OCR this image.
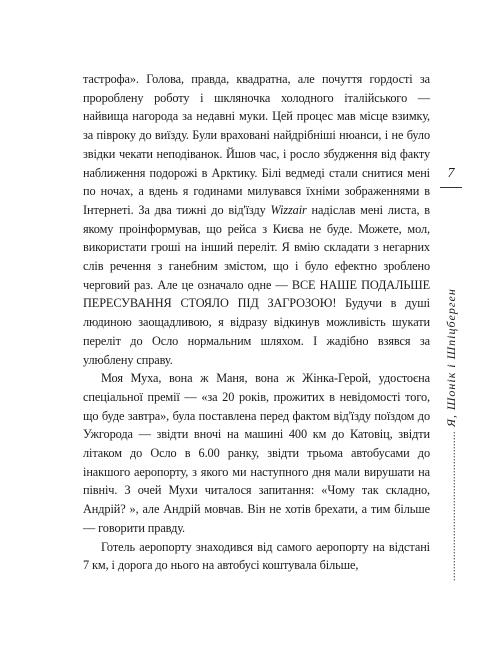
тастрофа». Голова, правда, квадратна, але почуття гордості за пророблену роботу і шкляночка холодного італійського — найвища нагорода за недавні муки. Цей процес мав місце взимку, за півроку до виїзду. Були враховані найдрібніші нюанси, і не було звідки чекати неподіванок. Йшов час, і росло збудження від факту наближення подорожі в Арктику. Білі ведмеді стали снитися мені по ночах, а вдень я годинами милувався їхніми зображеннями в Інтернеті. За два тижні до від'їзду Wizzair надіслав мені листа, в якому проінформував, що рейса з Києва не буде. Можете, мол, використати гроші на інший переліт. Я вмію складати з негарних слів речення з ганебним змістом, що і було ефектно зроблено черговий раз. Але це означало одне — ВСЕ НАШЕ ПОДАЛЬШЕ ПЕРЕСУВАННЯ СТОЯЛО ПІД ЗАГРОЗОЮ! Будучи в душі людиною заощадливою, я відразу відкинув можливість шукати переліт до Осло нормальним шляхом. І жадібно взявся за улюблену справу.

Моя Муха, вона ж Маня, вона ж Жінка-Герой, удостоєна спеціальної премії — «за 20 років, прожитих в невідомості того, що буде завтра», була поставлена перед фактом від'їзду поїздом до Ужгорода — звідти вночі на машині 400 км до Катовіц, звідти літаком до Осло в 6.00 ранку, звідти трьома автобусами до інакшого аеропорту, з якого ми наступного дня мали вирушати на північ. З очей Мухи читалося запитання: «Чому так складно, Андрій? », але Андрій мовчав. Він не хотів брехати, а тим більше — говорити правду.

Готель аеропорту знаходився від самого аеропорту на відстані 7 км, і дорога до нього на автобусі коштувала більше,

7
.................................................. Я, Шонік і Шпіцберген
